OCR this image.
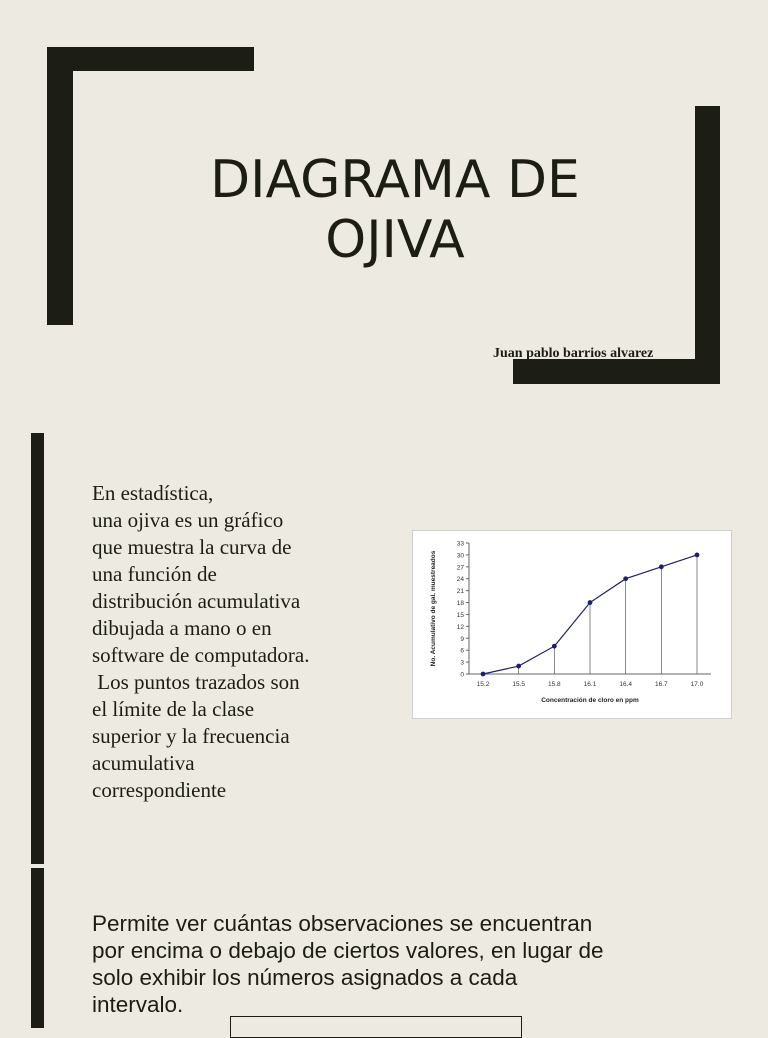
DIAGRAMA DE
OJIVA
Juan pablo barrios alvarez
En estadística,
una ojiva es un gráfico
que muestra la curva de
una función de
distribución acumulativa
dibujada a mano o en
software de computadora.
Los puntos trazados son
el límite de la clase
superior y la frecuencia
acumulativa
correspondiente
0
3
6
9
12
15
18
21
24
27
30
33
15.2	15.5	15.8	16.1	16.4	16.7	17.0
Concentración de cloro en ppm
No. Acumulativo de gal. muestreados
Permite ver cuántas observaciones se encuentran
por encima o debajo de ciertos valores, en lugar de
solo exhibir los números asignados a cada
intervalo.
